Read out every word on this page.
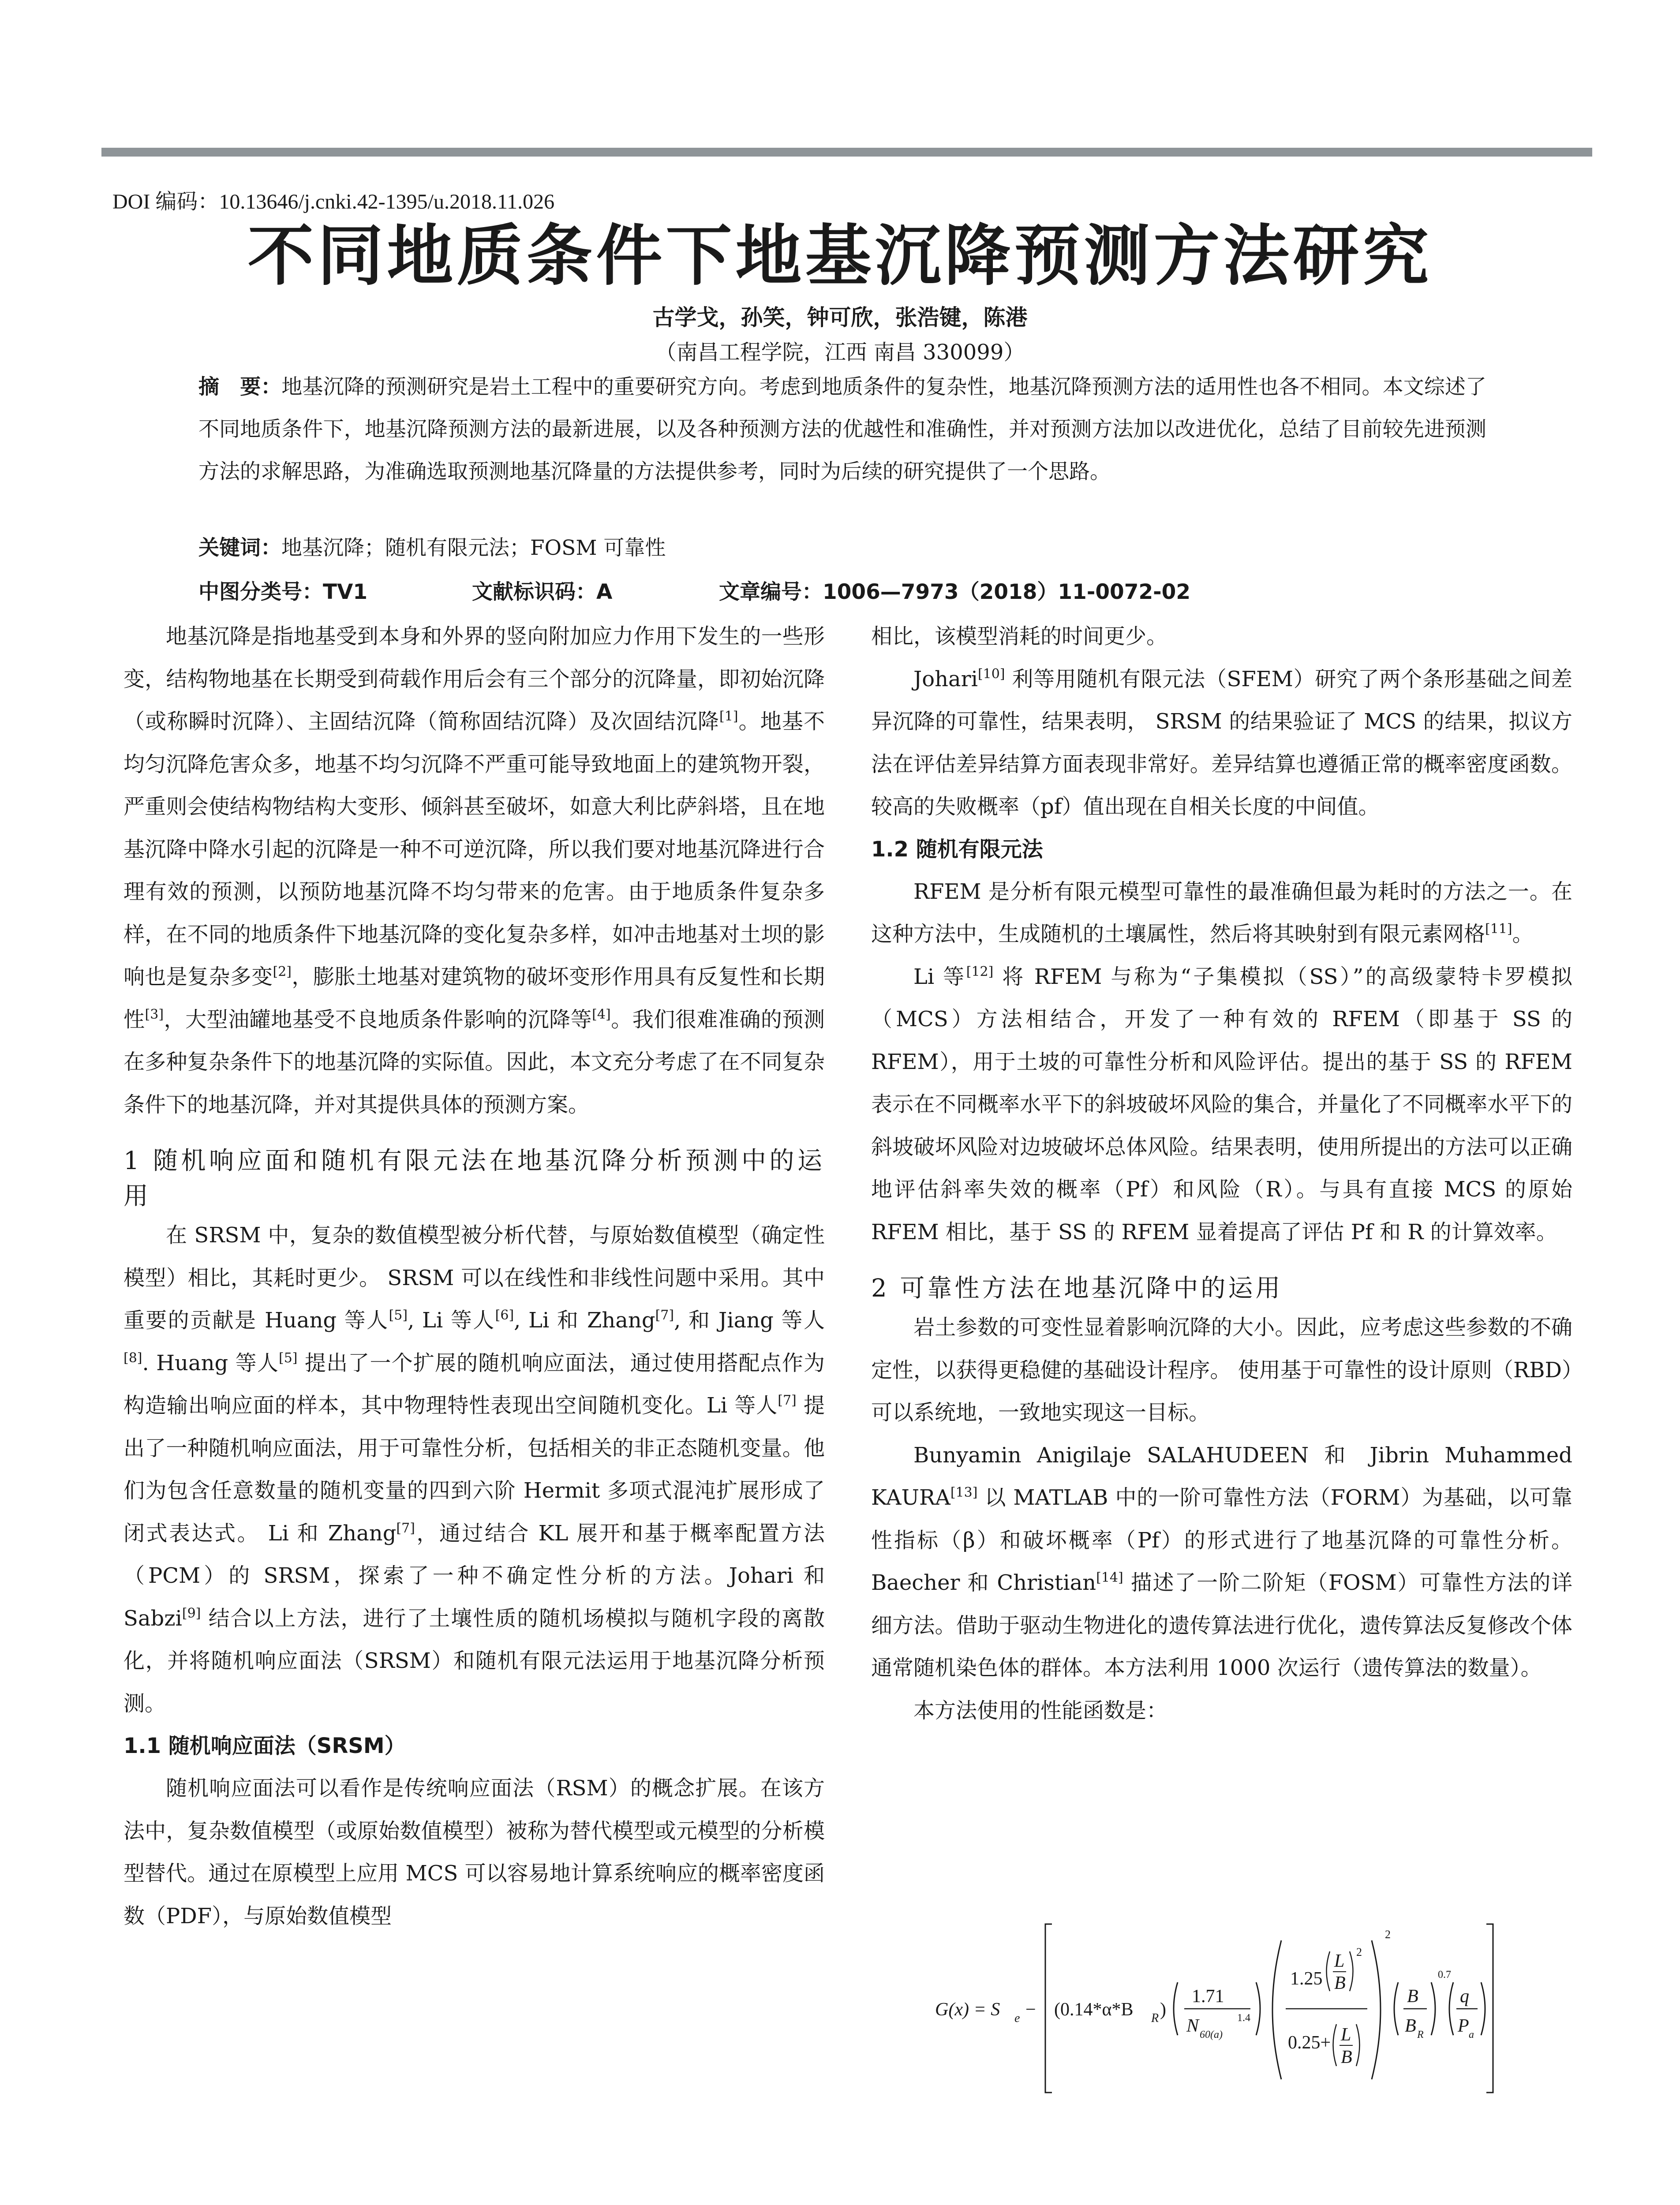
DOI 编码：10.13646/j.cnki.42-1395/u.2018.11.026
不同地质条件下地基沉降预测方法研究
古学戈，孙笑，钟可欣，张浩键，陈港
（南昌工程学院，江西 南昌 330099）
摘　要：地基沉降的预测研究是岩土工程中的重要研究方向。考虑到地质条件的复杂性，地基沉降预测方法的适用性也各不相同。本文综述了不同地质条件下，地基沉降预测方法的最新进展，以及各种预测方法的优越性和准确性，并对预测方法加以改进优化，总结了目前较先进预测方法的求解思路，为准确选取预测地基沉降量的方法提供参考，同时为后续的研究提供了一个思路。
关键词：地基沉降；随机有限元法；FOSM 可靠性
中图分类号：TV1	文献标识码：A	文章编号：1006—7973（2018）11-0072-02

地基沉降是指地基受到本身和外界的竖向附加应力作用下发生的一些形变，结构物地基在长期受到荷载作用后会有三个部分的沉降量，即初始沉降（或称瞬时沉降）、主固结沉降（简称固结沉降）及次固结沉降[1]。地基不均匀沉降危害众多，地基不均匀沉降不严重可能导致地面上的建筑物开裂，严重则会使结构物结构大变形、倾斜甚至破坏，如意大利比萨斜塔，且在地基沉降中降水引起的沉降是一种不可逆沉降，所以我们要对地基沉降进行合理有效的预测，以预防地基沉降不均匀带来的危害。由于地质条件复杂多样，在不同的地质条件下地基沉降的变化复杂多样，如冲击地基对土坝的影响也是复杂多变[2]，膨胀土地基对建筑物的破坏变形作用具有反复性和长期性[3]，大型油罐地基受不良地质条件影响的沉降等[4]。我们很难准确的预测在多种复杂条件下的地基沉降的实际值。因此，本文充分考虑了在不同复杂条件下的地基沉降，并对其提供具体的预测方案。

1 随机响应面和随机有限元法在地基沉降分析预测中的运用

在 SRSM 中，复杂的数值模型被分析代替，与原始数值模型（确定性模型）相比，其耗时更少。 SRSM 可以在线性和非线性问题中采用。其中重要的贡献是 Huang 等人[5], Li 等人[6], Li 和 Zhang[7], 和 Jiang 等人[8]. Huang 等人[5] 提出了一个扩展的随机响应面法，通过使用搭配点作为构造输出响应面的样本，其中物理特性表现出空间随机变化。Li 等人[7] 提出了一种随机响应面法，用于可靠性分析，包括相关的非正态随机变量。他们为包含任意数量的随机变量的四到六阶 Hermit 多项式混沌扩展形成了闭式表达式。 Li 和 Zhang[7]，通过结合 KL 展开和基于概率配置方法（PCM）的 SRSM，探索了一种不确定性分析的方法。Johari 和 Sabzi[9] 结合以上方法，进行了土壤性质的随机场模拟与随机字段的离散化，并将随机响应面法（SRSM）和随机有限元法运用于地基沉降分析预测。

1.1 随机响应面法（SRSM）

随机响应面法可以看作是传统响应面法（RSM）的概念扩展。在该方法中，复杂数值模型（或原始数值模型）被称为替代模型或元模型的分析模型替代。通过在原模型上应用 MCS 可以容易地计算系统响应的概率密度函数（PDF），与原始数值模型

相比，该模型消耗的时间更少。

Johari[10] 利等用随机有限元法（SFEM）研究了两个条形基础之间差异沉降的可靠性，结果表明， SRSM 的结果验证了 MCS 的结果，拟议方法在评估差异结算方面表现非常好。差异结算也遵循正常的概率密度函数。较高的失败概率（pf）值出现在自相关长度的中间值。

1.2 随机有限元法

RFEM 是分析有限元模型可靠性的最准确但最为耗时的方法之一。在这种方法中，生成随机的土壤属性，然后将其映射到有限元素网格[11]。

Li 等[12] 将 RFEM 与称为“子集模拟（SS）”的高级蒙特卡罗模拟（MCS）方法相结合，开发了一种有效的 RFEM（即基于 SS 的 RFEM），用于土坡的可靠性分析和风险评估。提出的基于 SS 的 RFEM 表示在不同概率水平下的斜坡破坏风险的集合，并量化了不同概率水平下的斜坡破坏风险对边坡破坏总体风险。结果表明，使用所提出的方法可以正确地评估斜率失效的概率（Pf）和风险（R）。与具有直接 MCS 的原始 RFEM 相比，基于 SS 的 RFEM 显着提高了评估 Pf 和 R 的计算效率。

2 可靠性方法在地基沉降中的运用

岩土参数的可变性显着影响沉降的大小。因此，应考虑这些参数的不确定性，以获得更稳健的基础设计程序。 使用基于可靠性的设计原则（RBD）可以系统地，一致地实现这一目标。

Bunyamin Anigilaje SALAHUDEEN 和 Jibrin Muhammed KAURA[13] 以 MATLAB 中的一阶可靠性方法（FORM）为基础，以可靠性指标（β）和破坏概率（Pf）的形式进行了地基沉降的可靠性分析。Baecher 和 Christian[14] 描述了一阶二阶矩（FOSM）可靠性方法的详细方法。借助于驱动生物进化的遗传算法进行优化，遗传算法反复修改个体通常随机染色体的群体。本方法利用 1000 次运行（遗传算法的数量）。

本方法使用的性能函数是：

G(x) = S e − (0.14*α*B R )
1.71
N 60(a)
1.4
1.25
L
B
2
0.25+ L
B
2
B
B R
0.7
q
P a
